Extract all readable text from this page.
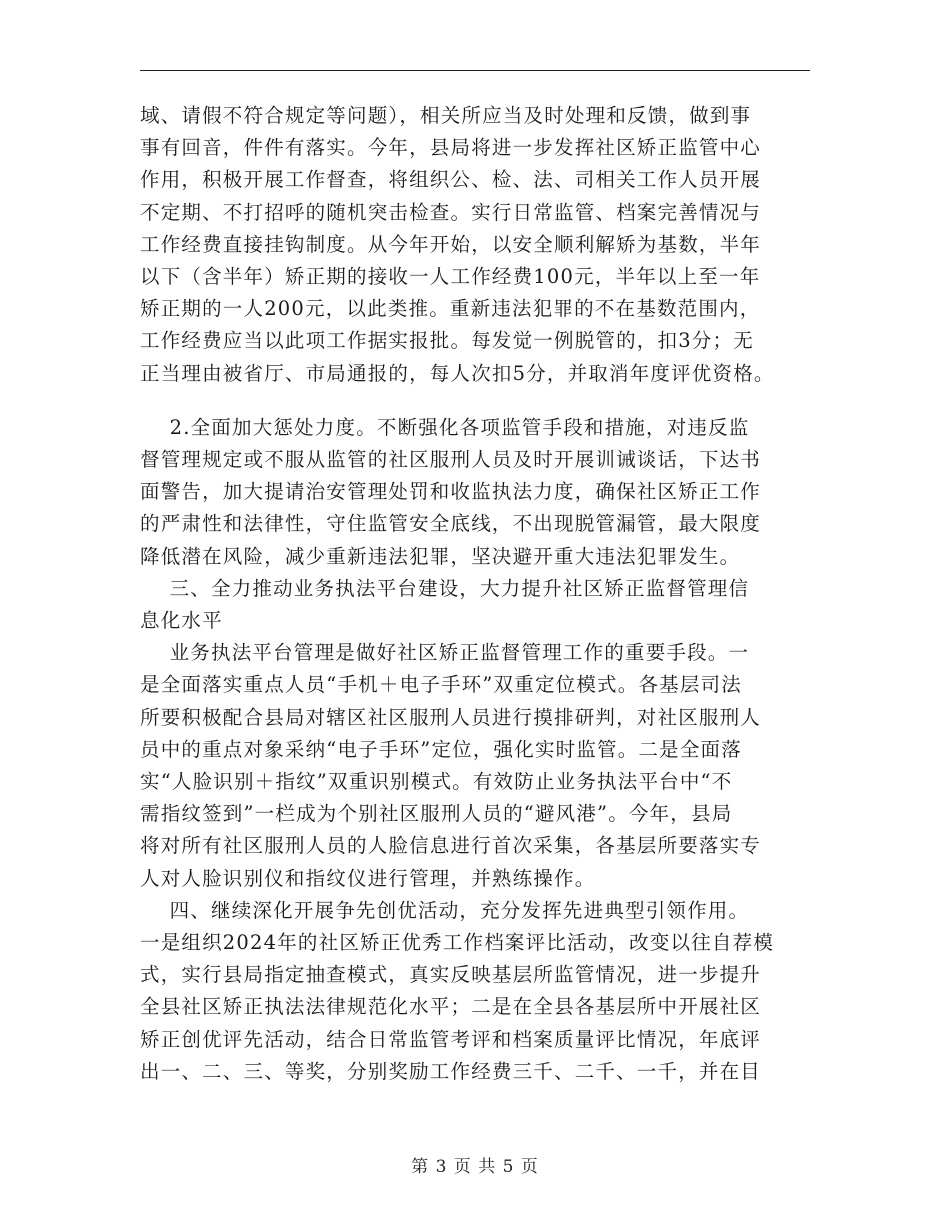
域、请假不符合规定等问题），相关所应当及时处理和反馈，做到事
事有回音，件件有落实。今年，县局将进一步发挥社区矫正监管中心
作用，积极开展工作督查，将组织公、检、法、司相关工作人员开展
不定期、不打招呼的随机突击检查。实行日常监管、档案完善情况与
工作经费直接挂钩制度。从今年开始，以安全顺利解矫为基数，半年
以下（含半年）矫正期的接收一人工作经费100元，半年以上至一年
矫正期的一人200元，以此类推。重新违法犯罪的不在基数范围内，
工作经费应当以此项工作据实报批。每发觉一例脱管的，扣3分；无
正当理由被省厅、市局通报的，每人次扣5分，并取消年度评优资格。
2.全面加大惩处力度。不断强化各项监管手段和措施，对违反监
督管理规定或不服从监管的社区服刑人员及时开展训诫谈话，下达书
面警告，加大提请治安管理处罚和收监执法力度，确保社区矫正工作
的严肃性和法律性，守住监管安全底线，不出现脱管漏管，最大限度
降低潜在风险，减少重新违法犯罪，坚决避开重大违法犯罪发生。
三、全力推动业务执法平台建设，大力提升社区矫正监督管理信
息化水平
业务执法平台管理是做好社区矫正监督管理工作的重要手段。一
是全面落实重点人员“手机＋电子手环”双重定位模式。各基层司法
所要积极配合县局对辖区社区服刑人员进行摸排研判，对社区服刑人
员中的重点对象采纳“电子手环”定位，强化实时监管。二是全面落
实“人脸识别＋指纹”双重识别模式。有效防止业务执法平台中“不
需指纹签到”一栏成为个别社区服刑人员的“避风港”。今年，县局
将对所有社区服刑人员的人脸信息进行首次采集，各基层所要落实专
人对人脸识别仪和指纹仪进行管理，并熟练操作。
四、继续深化开展争先创优活动，充分发挥先进典型引领作用。
一是组织2024年的社区矫正优秀工作档案评比活动，改变以往自荐模
式，实行县局指定抽查模式，真实反映基层所监管情况，进一步提升
全县社区矫正执法法律规范化水平；二是在全县各基层所中开展社区
矫正创优评先活动，结合日常监管考评和档案质量评比情况，年底评
出一、二、三、等奖，分别奖励工作经费三千、二千、一千，并在目
第 3 页 共 5 页
